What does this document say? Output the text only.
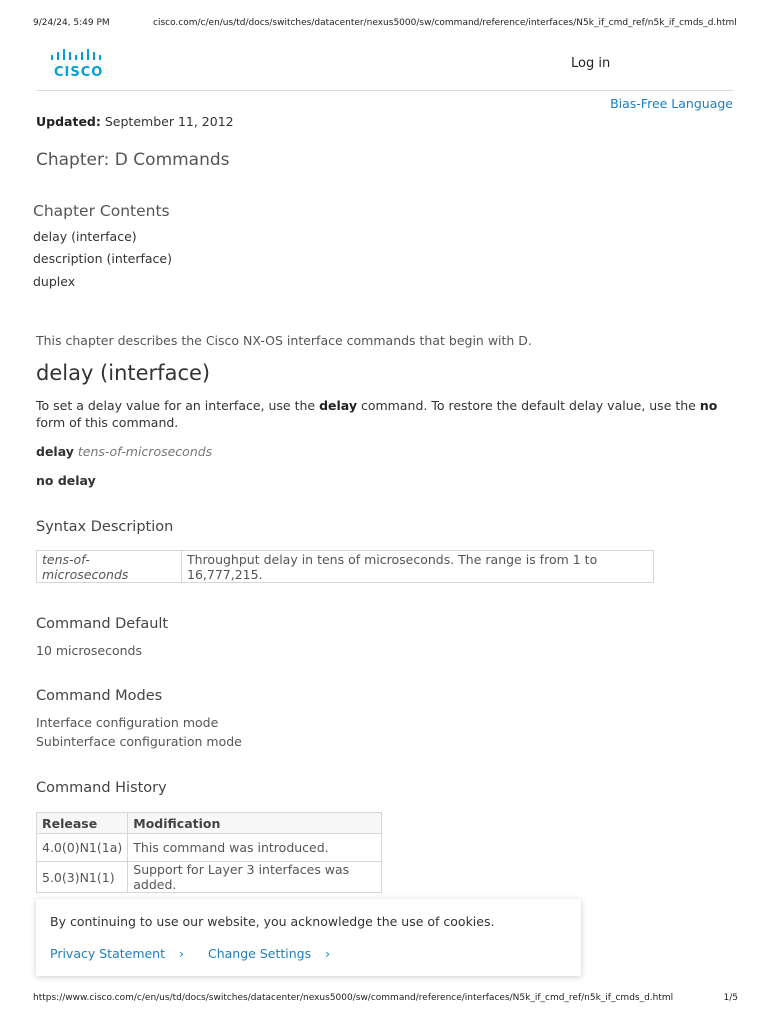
9/24/24, 5:49 PM	cisco.com/c/en/us/td/docs/switches/datacenter/nexus5000/sw/command/reference/interfaces/N5k_if_cmd_ref/n5k_if_cmds_d.html
CISCO
Log in
Bias-Free Language
Updated: September 11, 2012
Chapter: D Commands
Chapter Contents
delay (interface)
description (interface)
duplex
This chapter describes the Cisco NX-OS interface commands that begin with D.
delay (interface)
To set a delay value for an interface, use the delay command. To restore the default delay value, use the no form of this command.
delay tens-of-microseconds
no delay
Syntax Description
tens-of-microseconds	Throughput delay in tens of microseconds. The range is from 1 to 16,777,215.
Command Default
10 microseconds
Command Modes
Interface configuration mode
Subinterface configuration mode
Command History
Release	Modification
4.0(0)N1(1a)	This command was introduced.
5.0(3)N1(1)	Support for Layer 3 interfaces was added.
By continuing to use our website, you acknowledge the use of cookies.
Privacy Statement › Change Settings ›
https://www.cisco.com/c/en/us/td/docs/switches/datacenter/nexus5000/sw/command/reference/interfaces/N5k_if_cmd_ref/n5k_if_cmds_d.html	1/5
